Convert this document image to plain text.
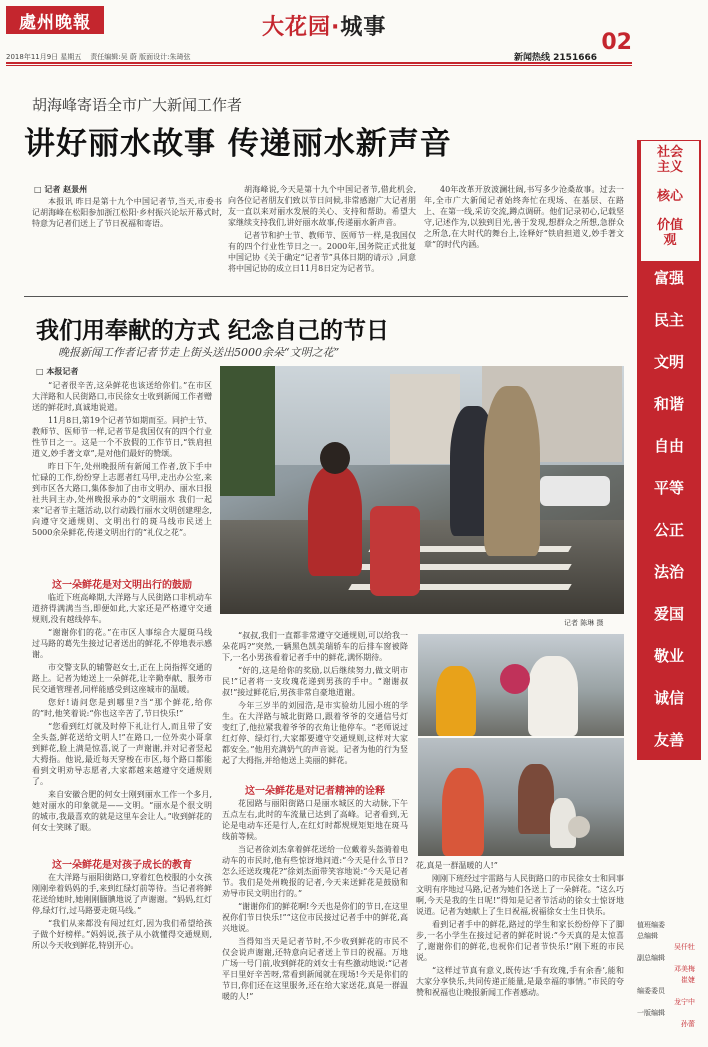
處州晚報	大花园·城事
02
2018年11月9日 星期五 责任编辑:吴 蔚 版面设计:朱琦弦	新闻热线 2151666
胡海峰寄语全市广大新闻工作者
讲好丽水故事 传递丽水新声音
□ 记者 赵景州

本报讯 昨日是第十九个中国记者节,当天,市委书记胡海峰在松阳参加浙江松阳·乡村振兴论坛开幕式时,特意为记者们送上了节日祝福和寄语。

胡海峰说,今天是第十九个中国记者节,借此机会,向各位记者朋友们致以节日问候,非常感谢广大记者朋友一直以来对丽水发展的关心、支持和帮助。希望大家继续支持我们,讲好丽水故事,传递丽水新声音。

记者节和护士节、教师节、医师节一样,是我国仅有的四个行业性节日之一。2000年,国务院正式批复中国记协《关于确定“记者节”具体日期的请示》,同意将中国记协的成立日11月8日定为记者节。

40年改革开放波澜壮阔,书写多少沧桑故事。过去一年,全市广大新闻记者始终奔忙在现场、在基层、在路上、在第一线,采访交流,蹲点调研。他们记录初心,记载坚守,记述作为,以独到目光,善于发现,想群众之所想,急群众之所急,在大时代的舞台上,诠释好“铁肩担道义,妙手著文章”的时代内涵。

我们用奉献的方式 纪念自己的节日
晚报新闻工作者记者节走上街头送出5000余朵“文明之花”
记者 陈琳 摄
□ 本报记者

“记者很辛苦,这朵鲜花也该送给你们。”在市区大洋路和人民街路口,市民徐女士收到新闻工作者赠送的鲜花时,真诚地说道。

11月8日,第19个记者节如期而至。同护士节、教师节、医师节一样,记者节是我国仅有的四个行业性节日之一。这是一个不放假的工作节日,“铁肩担道义,妙手著文章”,是对他们最好的赞颂。

昨日下午,处州晚报所有新闻工作者,放下手中忙碌的工作,纷纷穿上志愿者红马甲,走出办公室,来到市区各大路口,集体参加了由市文明办、丽水日报社共同主办,处州晚报承办的“文明丽水 我们一起来”记者节主题活动,以行动践行丽水文明创建理念,向遵守交通规则、文明出行的斑马线市民送上5000余朵鲜花,传递文明出行的“礼仪之花”。

这一朵鲜花是对文明出行的鼓励

临近下班高峰期,大洋路与人民街路口非机动车道挤得满满当当,即便如此,大家还是严格遵守交通规则,没有越线停车。

“谢谢你们的花。”在市区人事综合大厦斑马线过马路的葛先生接过记者送出的鲜花,不停地表示感谢。

市交警支队的辅警赵女士,正在上岗指挥交通的路上。记者为她送上一朵鲜花,让辛勤奉献、服务市民交通管理者,同样能感受到这座城市的温暖。

您好!请问您是到哪里?当“那个鲜花,给你的”时,他笑着说:“你也这辛苦了,节日快乐!”

“您看到红灯就及时停下礼让行人,而且带了安全头盔,鲜花送给文明人!”在路口,一位外卖小哥拿到鲜花,脸上满是惊喜,说了一声谢谢,并对记者竖起大拇指。他说,最近每天穿梭在市区,每个路口都能看到文明劝导志愿者,大家都越来越遵守交通规则了。

来自安徽合肥的何女士刚到丽水工作一个多月,她对丽水的印象就是——文明。“丽水是个很文明的城市,我最喜欢的就是这里车会让人。”收到鲜花的何女士笑眯了眼。

这一朵鲜花是对孩子成长的教育

在大洋路与丽阳街路口,穿着红色校服的小女孩刚刚牵着妈妈的手,来到红绿灯前等待。当记者将鲜花送给她时,她刚刚腼腆地说了声谢谢。“妈妈,红灯停,绿灯行,过马路要走斑马线。”

“我们从来都没有闯过红灯,因为我们希望给孩子做个好榜样。”妈妈说,孩子从小就懂得交通规则,所以今天收到鲜花,特别开心。

“叔叔,我们一直都非常遵守交通规则,可以给我一朵花吗?”突然,一辆黑色凯美瑞轿车的后排车窗被降下,一名小男孩看着记者手中的鲜花,满怀期待。

“好的,这是给你的奖励,以后继续努力,做文明市民!”记者将一支玫瑰花递到男孩的手中。“谢谢叔叔!”接过鲜花后,男孩非常自豪地道谢。

今年三岁半的刘园浩,是市实验幼儿园小班的学生。在大洋路与城北街路口,跟着爷爷的交通信号灯变红了,他拉紧我着爷爷的衣角让他停车。“老师说过红灯停、绿灯行,大家都要遵守交通规则,这样对大家都安全。”他用充满奶气的声音说。记者为他的行为竖起了大拇指,并给他送上美丽的鲜花。

这一朵鲜花是对记者精神的诠释

花园路与丽阳街路口是丽水城区的大动脉,下午五点左右,此时的车流量已达到了高峰。记者看到,无论是电动车还是行人,在红灯时都规规矩矩地在斑马线前等候。

当记者徐刘杰拿着鲜花送给一位戴着头盔骑着电动车的市民时,他有些惊讶地问道:“今天是什么节日?怎么还送玫瑰花?”徐刘杰面带笑容地说:“今天是记者节。我们是处州晚报的记者,今天来送鲜花是鼓励和劝导市民文明出行的。”

“谢谢你们的鲜花啊!今天也是你们的节日,在这里祝你们节日快乐!”“这位市民接过记者手中的鲜花,高兴地说。

当得知当天是记者节时,不少收到鲜花的市民不仅会说声谢谢,还特意向记者送上节日的祝福。万地广场一号门前,收到鲜花的刘女士有些激动地说:“记者平日里好辛苦呀,常看到新闻就在现场!今天是你们的节日,你们还在这里服务,还在给大家送花,真是一群温暖的人!”

花,真是一群温暖的人!”

刚刚下班经过宇雷路与人民街路口的市民徐女士和同事文明有序地过马路,记者为她们各送上了一朵鲜花。“这么巧啊,今天是我的生日呢!”得知是记者节活动的徐女士惊讶地说道。记者为她献上了生日祝福,祝福徐女士生日快乐。

看到记者手中的鲜花,路过的学生和家长纷纷停下了脚步,一名小学生在接过记者的鲜花时说:“今天真的是太惊喜了,谢谢你们的鲜花,也祝你们记者节快乐!”刚下班的市民说。

“这样过节真有意义,既传达‘手有玫瑰,手有余香’,能和大家分享快乐,共同传递正能量,是最幸福的事情。”市民的夸赞和祝福也让晚报新闻工作者感动。

富强
民主
文明
和谐
自由
平等
公正
法治
爱国
敬业
诚信
友善
社会主义
核心
价值观
值班编委
总编辑
吴仟牡
副总编辑
邓美梅
崔婕
编委委员
龙宁中
一版编辑
孙蕾
